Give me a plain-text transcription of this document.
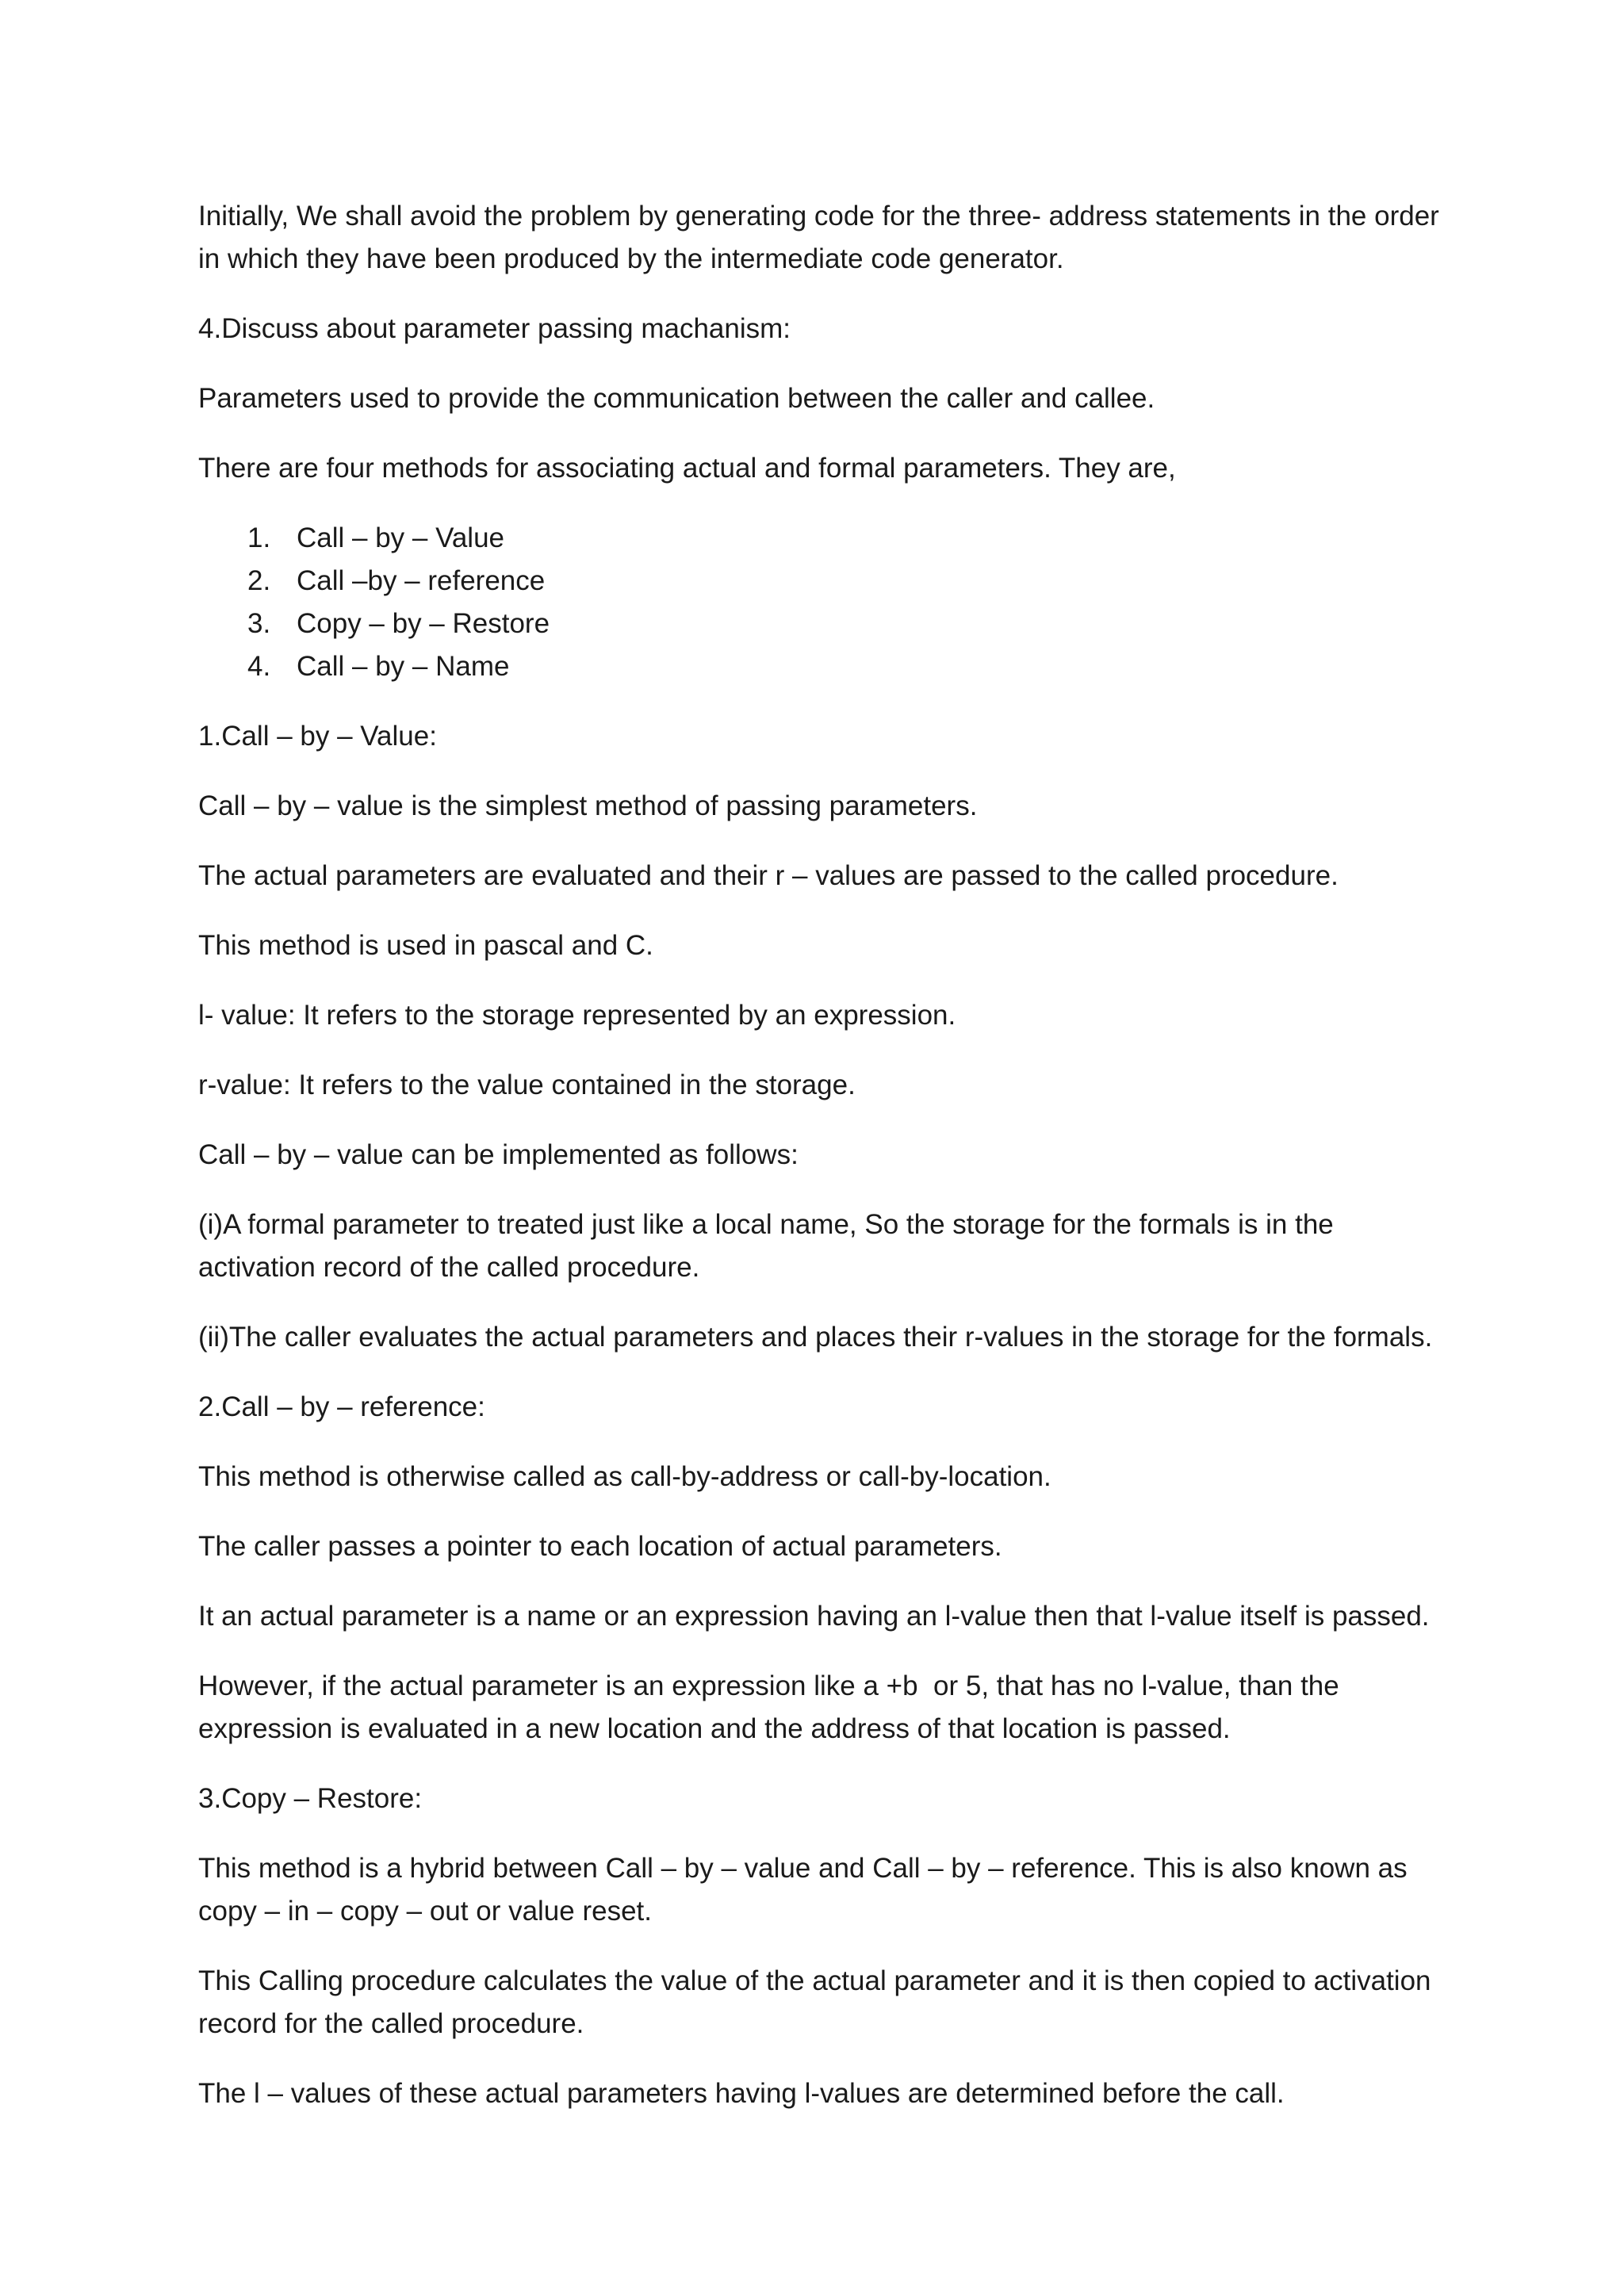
Initially, We shall avoid the problem by generating code for the three- address statements in the order in which they have been produced by the intermediate code generator.

4.Discuss about parameter passing machanism:

Parameters used to provide the communication between the caller and callee.

There are four methods for associating actual and formal parameters. They are,

1. Call – by – Value
2. Call –by – reference
3. Copy – by – Restore
4. Call – by – Name

1.Call – by – Value:

Call – by – value is the simplest method of passing parameters.

The actual parameters are evaluated and their r – values are passed to the called procedure.

This method is used in pascal and C.

l- value: It refers to the storage represented by an expression.

r-value: It refers to the value contained in the storage.

Call – by – value can be implemented as follows:

(i)A formal parameter to treated just like a local name, So the storage for the formals is in the activation record of the called procedure.

(ii)The caller evaluates the actual parameters and places their r-values in the storage for the formals.

2.Call – by – reference:

This method is otherwise called as call-by-address or call-by-location.

The caller passes a pointer to each location of actual parameters.

It an actual parameter is a name or an expression having an l-value then that l-value itself is passed.

However, if the actual parameter is an expression like a +b  or 5, that has no l-value, than the expression is evaluated in a new location and the address of that location is passed.

3.Copy – Restore:

This method is a hybrid between Call – by – value and Call – by – reference. This is also known as copy – in – copy – out or value reset.

This Calling procedure calculates the value of the actual parameter and it is then copied to activation record for the called procedure.

The l – values of these actual parameters having l-values are determined before the call.
